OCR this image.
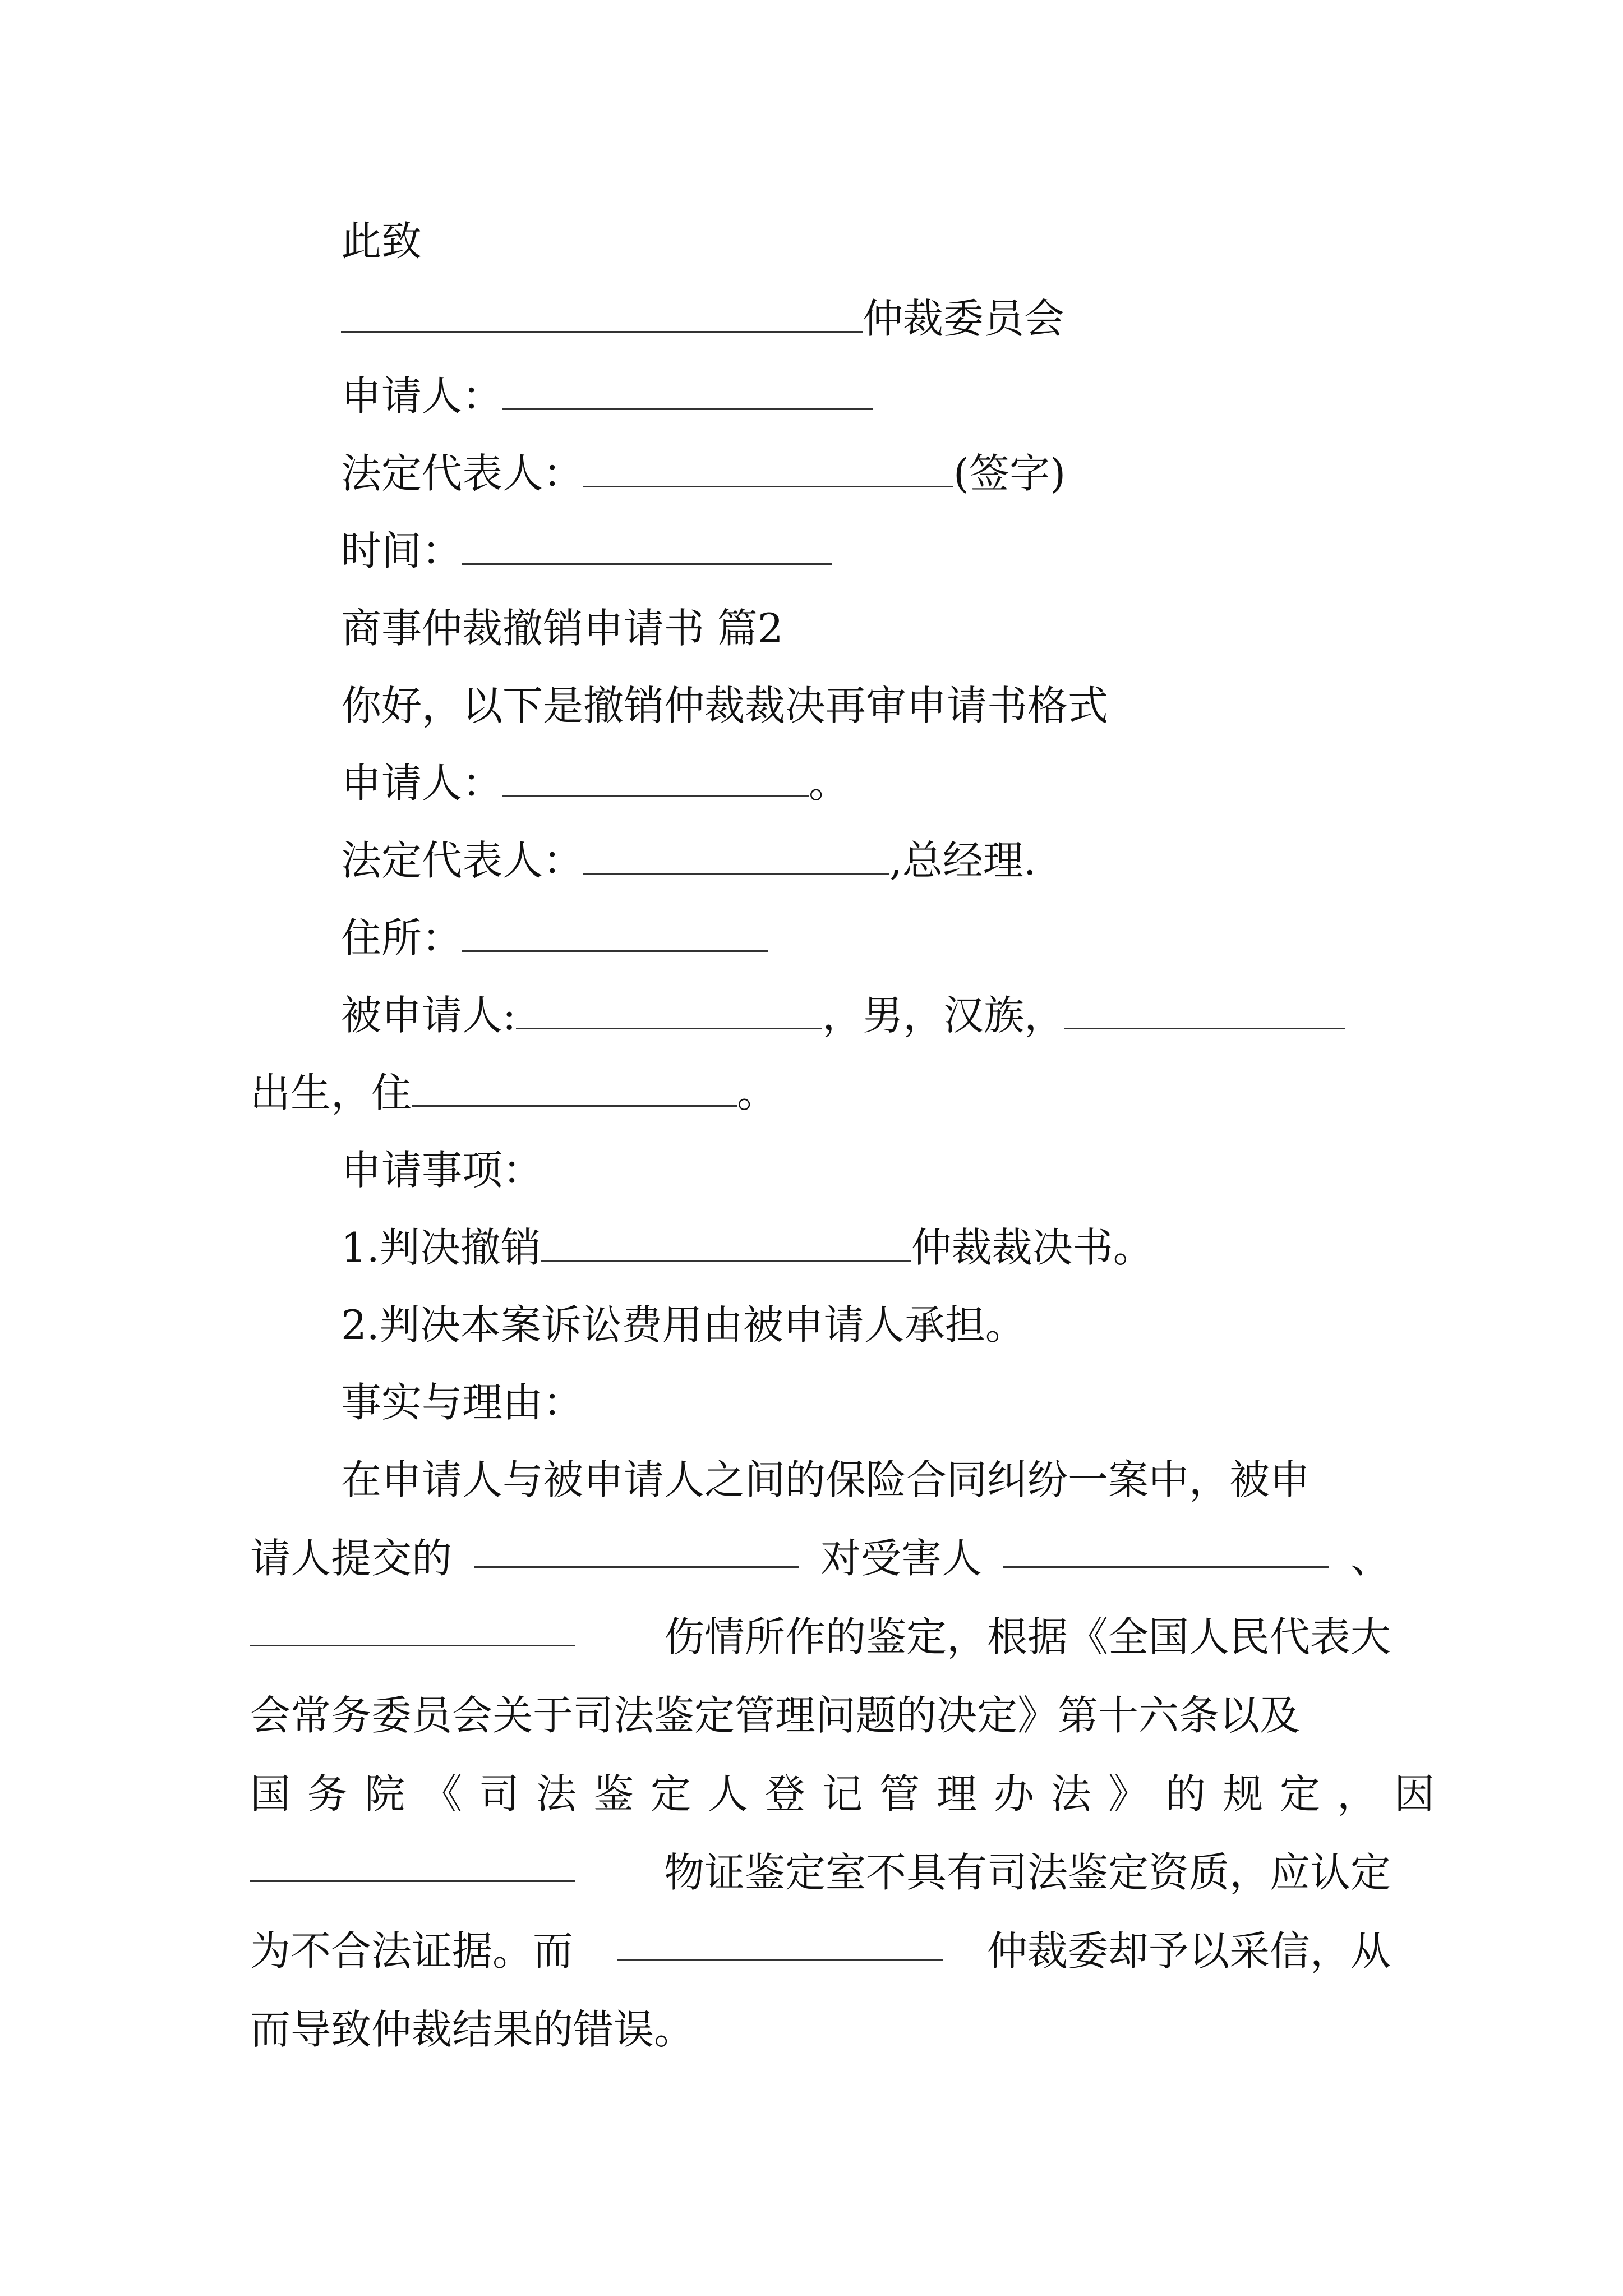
此致
仲裁委员会
申请人：
法定代表人：	(签字)
时间：
商事仲裁撤销申请书 篇2
你好，以下是撤销仲裁裁决再审申请书格式
申请人：	。
法定代表人：	,总经理.
住所：
被申请人:	，男，汉族，
出生，住	。
申请事项：
1.判决撤销	仲裁裁决书。
2.判决本案诉讼费用由被申请人承担。
事实与理由：
在申请人与被申请人之间的保险合同纠纷一案中，被申
请人提交的	对受害人	、
伤情所作的鉴定，根据《全国人民代表大
会常务委员会关于司法鉴定管理问题的决定》第十六条以及
国务院《司法鉴定人登记管理办法》的规定，因
物证鉴定室不具有司法鉴定资质，应认定
为不合法证据。而	仲裁委却予以采信，从
而导致仲裁结果的错误。
